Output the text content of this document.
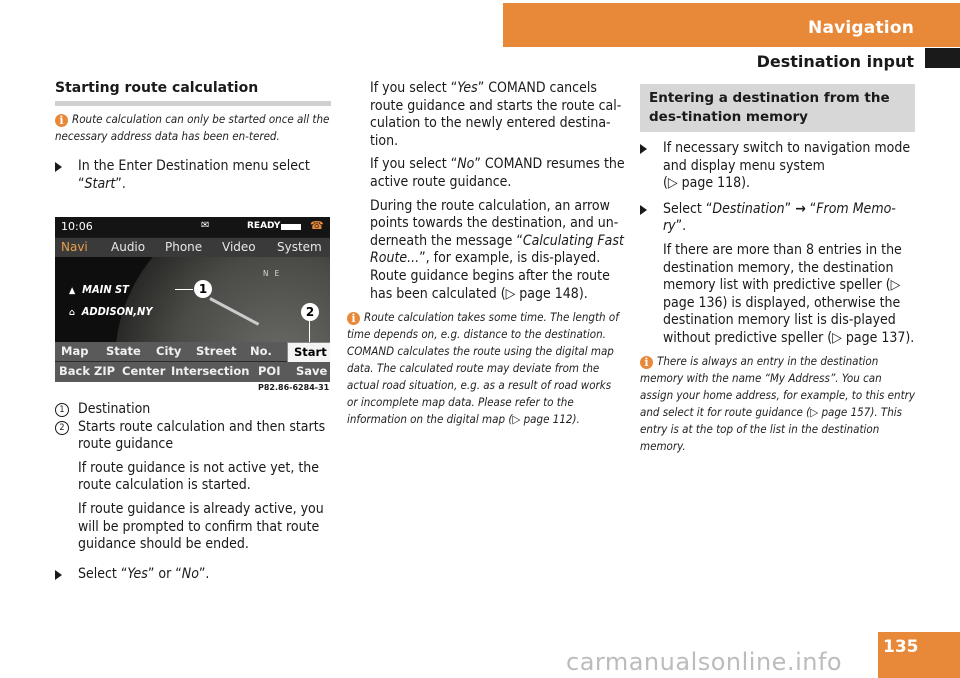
Navigation
Destination input
Starting route calculation
i Route calculation can only be started once all the necessary address data has been en-tered.
In the Enter Destination menu select
“Start”.
10:06	✉	READY	☎
Navi Audio Phone Video System
N E
▲ MAIN ST
⌂ ADDISON,NY
1
2
Map State City Street No.	Start
Back ZIP Center Intersection POI Save
P82.86-6284-31
1 Destination
2 Starts route calculation and then starts route guidance
If route guidance is not active yet, the route calculation is started.
If route guidance is already active, you will be prompted to confirm that route guidance should be ended.
Select “Yes” or “No”.
If you select “Yes” COMAND cancels route guidance and starts the route cal-culation to the newly entered destina-tion.
If you select “No” COMAND resumes the active route guidance.
During the route calculation, an arrow points towards the destination, and un-derneath the message “Calculating Fast Route...”, for example, is dis-played.
Route guidance begins after the route has been calculated (▷ page 148).
i Route calculation takes some time. The length of time depends on, e.g. distance to the destination. COMAND calculates the route using the digital map data. The calculated route may deviate from the actual road situation, e.g. as a result of road works or incomplete map data. Please refer to the information on the digital map (▷ page 112).
Entering a destination from the des-tination memory
If necessary switch to navigation mode and display menu system
(▷ page 118).
Select “Destination” → “From Memo-ry”.
If there are more than 8 entries in the destination memory, the destination memory list with predictive speller (▷ page 136) is displayed, otherwise the destination memory list is dis-played without predictive speller (▷ page 137).
i There is always an entry in the destination memory with the name “My Address”. You can assign your home address, for example, to this entry and select it for route guidance (▷ page 157). This entry is at the top of the list in the destination memory.
135
carmanualsonline.info
